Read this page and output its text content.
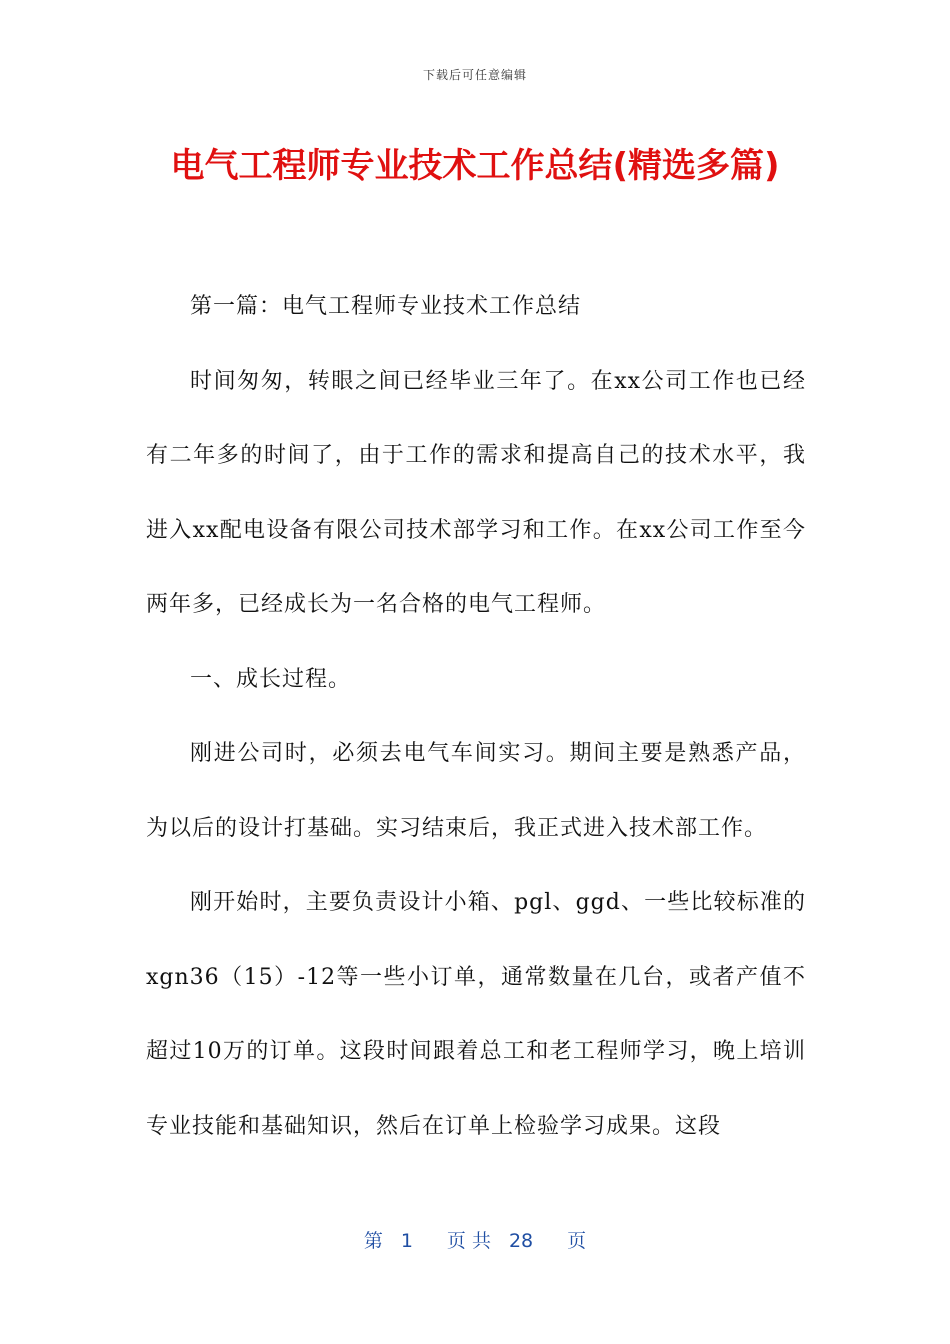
下载后可任意编辑
电气工程师专业技术工作总结(精选多篇)

第一篇：电气工程师专业技术工作总结

时间匆匆，转眼之间已经毕业三年了。在xx公司工作也已经有二年多的时间了，由于工作的需求和提高自己的技术水平，我进入xx配电设备有限公司技术部学习和工作。在xx公司工作至今两年多，已经成长为一名合格的电气工程师。

一、成长过程。

刚进公司时，必须去电气车间实习。期间主要是熟悉产品，为以后的设计打基础。实习结束后，我正式进入技术部工作。

刚开始时，主要负责设计小箱、pgl、ggd、一些比较标准的xgn36（15）-12等一些小订单，通常数量在几台，或者产值不超过10万的订单。这段时间跟着总工和老工程师学习，晚上培训专业技能和基础知识，然后在订单上检验学习成果。这段

第 1 页 共 28 页
